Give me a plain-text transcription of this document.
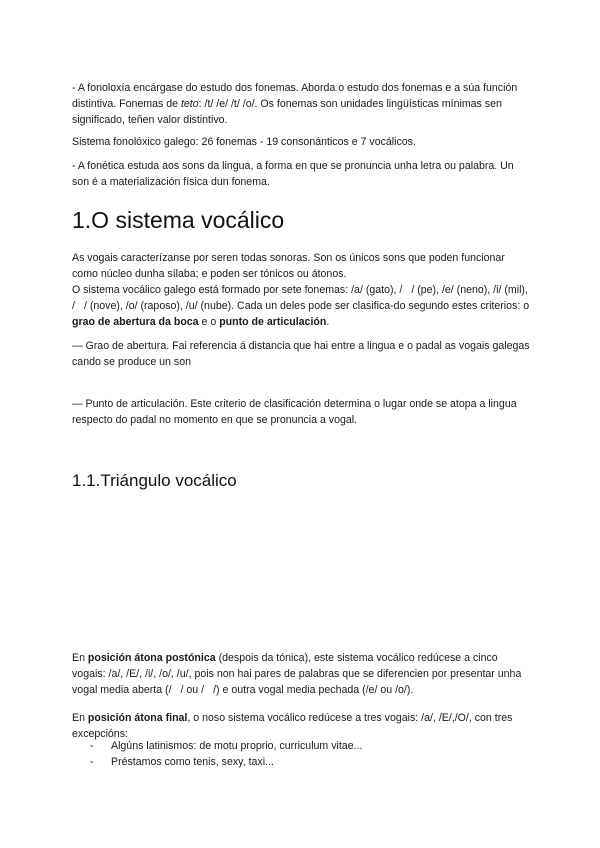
- A fonoloxía encárgase do estudo dos fonemas. Aborda o estudo dos fonemas e a súa función distintiva. Fonemas de teto: /t/ /e/ /t/ /o/. Os fonemas son unidades lingüísticas mínimas sen significado, teñen valor distintivo.

Sistema fonolóxico galego: 26 fonemas - 19 consonánticos e 7 vocálicos.

- A fonética estuda aos sons da lingua, a forma en que se pronuncia unha letra ou palabra. Un son é a materialización física dun fonema.

1.O sistema vocálico

As vogais caracterízanse por seren todas sonoras. Son os únicos sons que poden funcionar como núcleo dunha sílaba; e poden ser tónicos ou átonos.
O sistema vocálico galego está formado por sete fonemas: /a/ (gato), / / (pe), /e/ (neno), /i/ (mil), / / (nove), /o/ (raposo), /u/ (nube). Cada un deles pode ser clasifica-do segundo estes criterios: o grao de abertura da boca e o punto de articulación.

— Grao de abertura. Fai referencia á distancia que hai entre a lingua e o padal as vogais galegas cando se produce un son

— Punto de articulación. Este criterio de clasificación determina o lugar onde se atopa a lingua respecto do padal no momento en que se pronuncia a vogal.

1.1.Triángulo vocálico

En posición átona postónica (despois da tónica), este sistema vocálico redúcese a cinco vogais: /a/, /E/, /i/, /o/, /u/, pois non hai pares de palabras que se diferencien por presentar unha vogal media aberta (/ / ou / /) e outra vogal media pechada (/e/ ou /o/).

En posición átona final, o noso sistema vocálico redúcese a tres vogais: /a/, /E/,/O/, con tres excepcións:

- Algúns latinismos: de motu proprio, curriculum vitae...
- Préstamos como tenis, sexy, taxi...
